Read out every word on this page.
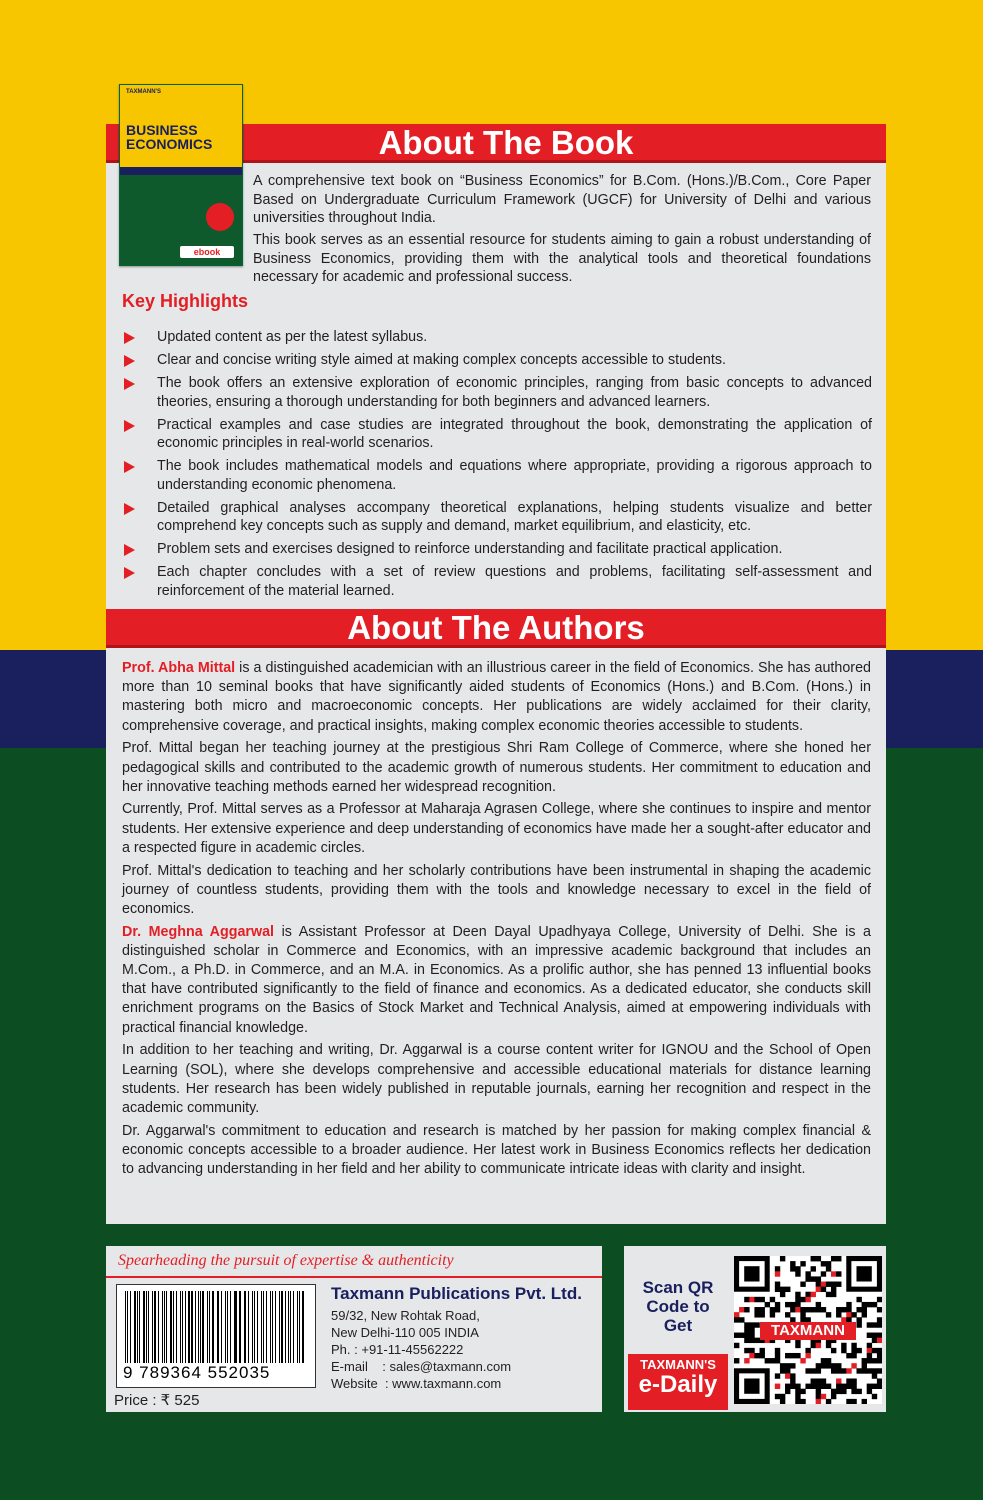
About The Book
TAXMANN'S
BUSINESS ECONOMICS
ebook
A comprehensive text book on “Business Economics” for B.Com. (Hons.)/B.Com., Core Paper Based on Undergraduate Curriculum Framework (UGCF) for University of Delhi and various universities throughout India.
This book serves as an essential resource for students aiming to gain a robust understanding of Business Economics, providing them with the analytical tools and theoretical foundations necessary for academic and professional success.
Key Highlights
Updated content as per the latest syllabus.
Clear and concise writing style aimed at making complex concepts accessible to students.
The book offers an extensive exploration of economic principles, ranging from basic concepts to advanced theories, ensuring a thorough understanding for both beginners and advanced learners.
Practical examples and case studies are integrated throughout the book, demonstrating the application of economic principles in real-world scenarios.
The book includes mathematical models and equations where appropriate, providing a rigorous approach to understanding economic phenomena.
Detailed graphical analyses accompany theoretical explanations, helping students visualize and better comprehend key concepts such as supply and demand, market equilibrium, and elasticity, etc.
Problem sets and exercises designed to reinforce understanding and facilitate practical application.
Each chapter concludes with a set of review questions and problems, facilitating self-assessment and reinforcement of the material learned.
About The Authors

Prof. Abha Mittal is a distinguished academician with an illustrious career in the field of Economics. She has authored more than 10 seminal books that have significantly aided students of Economics (Hons.) and B.Com. (Hons.) in mastering both micro and macroeconomic concepts. Her publications are widely acclaimed for their clarity, comprehensive coverage, and practical insights, making complex economic theories accessible to students.

Prof. Mittal began her teaching journey at the prestigious Shri Ram College of Commerce, where she honed her pedagogical skills and contributed to the academic growth of numerous students. Her commitment to education and her innovative teaching methods earned her widespread recognition.

Currently, Prof. Mittal serves as a Professor at Maharaja Agrasen College, where she continues to inspire and mentor students. Her extensive experience and deep understanding of economics have made her a sought-after educator and a respected figure in academic circles.

Prof. Mittal's dedication to teaching and her scholarly contributions have been instrumental in shaping the academic journey of countless students, providing them with the tools and knowledge necessary to excel in the field of economics.

Dr. Meghna Aggarwal is Assistant Professor at Deen Dayal Upadhyaya College, University of Delhi. She is a distinguished scholar in Commerce and Economics, with an impressive academic background that includes an M.Com., a Ph.D. in Commerce, and an M.A. in Economics. As a prolific author, she has penned 13 influential books that have contributed significantly to the field of finance and economics. As a dedicated educator, she conducts skill enrichment programs on the Basics of Stock Market and Technical Analysis, aimed at empowering individuals with practical financial knowledge.

In addition to her teaching and writing, Dr. Aggarwal is a course content writer for IGNOU and the School of Open Learning (SOL), where she develops comprehensive and accessible educational materials for distance learning students. Her research has been widely published in reputable journals, earning her recognition and respect in the academic community.

Dr. Aggarwal's commitment to education and research is matched by her passion for making complex financial & economic concepts accessible to a broader audience. Her latest work in Business Economics reflects her dedication to advancing understanding in her field and her ability to communicate intricate ideas with clarity and insight.

Spearheading the pursuit of expertise & authenticity
9 789364 552035
Price : ₹ 525
Taxmann Publications Pvt. Ltd.
59/32, New Rohtak Road,
New Delhi-110 005 INDIA
Ph. : +91-11-45562222
E-mail    : sales@taxmann.com
Website  : www.taxmann.com
Scan QR Code to Get
TAXMANN'S
e-Daily
TAXMANN
